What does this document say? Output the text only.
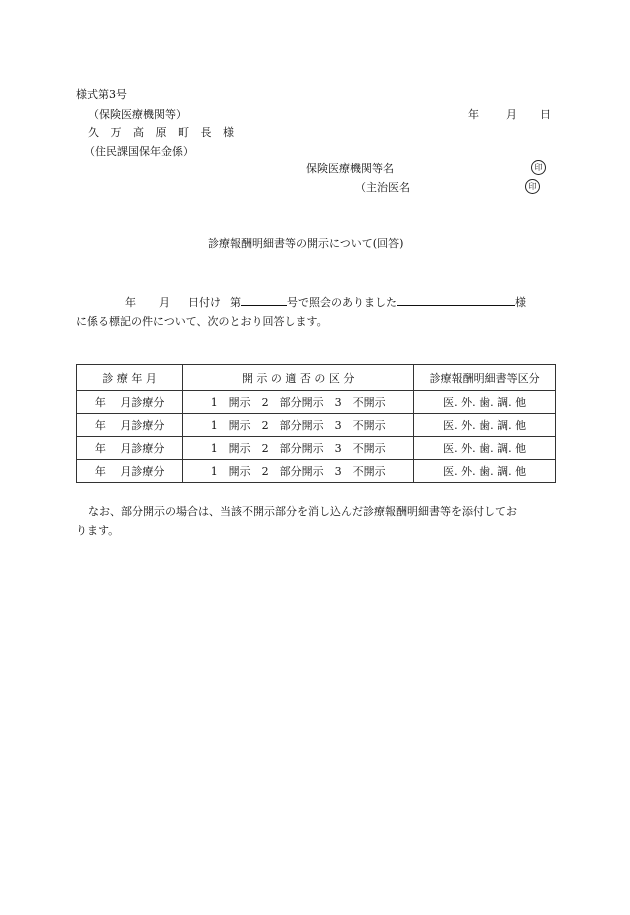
様式第3号
（保険医療機関等）	年 月 日
久 万 高 原 町 長 様
（住民課国保年金係）
保険医療機関等名	印
（主治医名	印
診療報酬明細書等の開示について(回答)
年 月 日付け 第	号で照会のありました	様
に係る標記の件について、次のとおり回答します。
診 療 年 月	開 示 の 適 否 の 区 分	診療報酬明細書等区分
年　 月診療分	1　開示　2　部分開示　3　不開示	医. 外. 歯. 調. 他
年　 月診療分	1　開示　2　部分開示　3　不開示	医. 外. 歯. 調. 他
年　 月診療分	1　開示　2　部分開示　3　不開示	医. 外. 歯. 調. 他
年　 月診療分	1　開示　2　部分開示　3　不開示	医. 外. 歯. 調. 他
なお、部分開示の場合は、当該不開示部分を消し込んだ診療報酬明細書等を添付してお
ります。
